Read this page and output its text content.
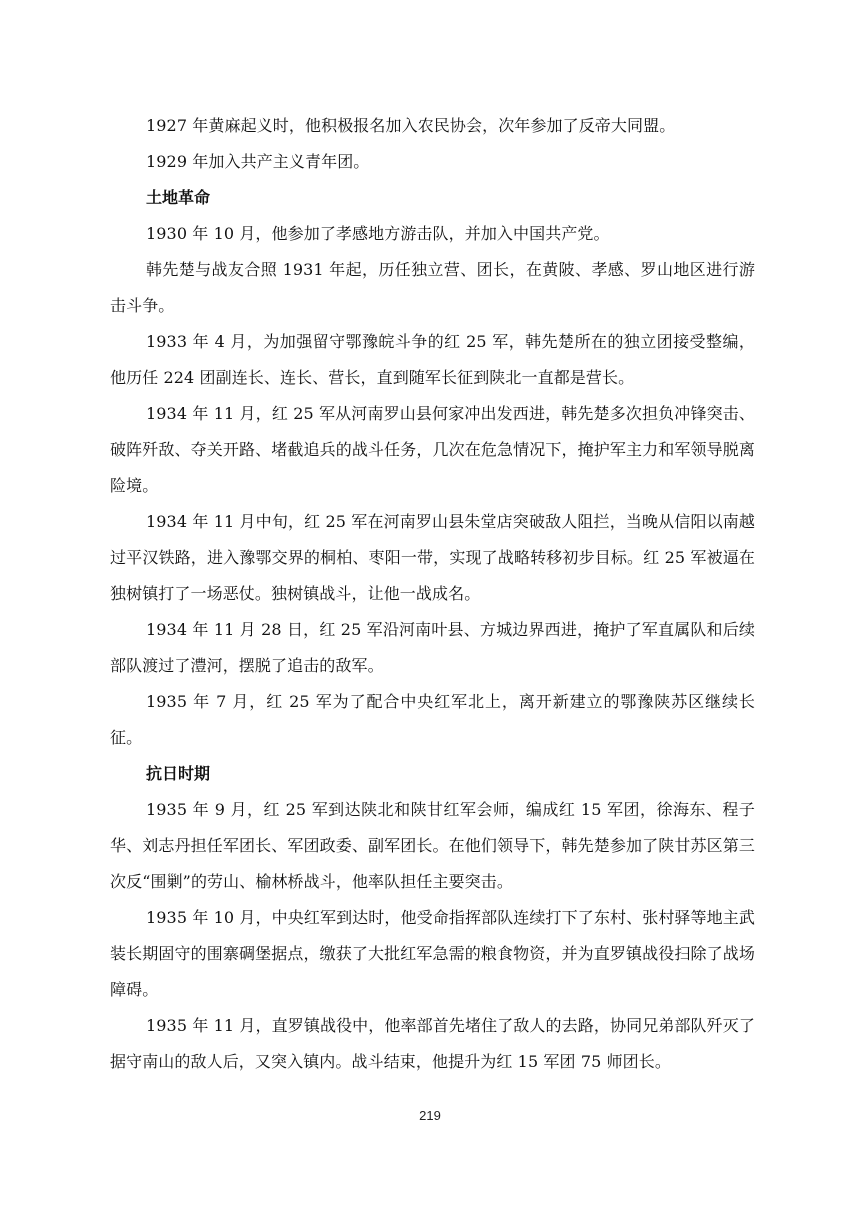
1927 年黄麻起义时，他积极报名加入农民协会，次年参加了反帝大同盟。

1929 年加入共产主义青年团。

土地革命

1930 年 10 月，他参加了孝感地方游击队，并加入中国共产党。

韩先楚与战友合照 1931 年起，历任独立营、团长，在黄陂、孝感、罗山地区进行游击斗争。

1933 年 4 月，为加强留守鄂豫皖斗争的红 25 军，韩先楚所在的独立团接受整编，他历任 224 团副连长、连长、营长，直到随军长征到陕北一直都是营长。

1934 年 11 月，红 25 军从河南罗山县何家冲出发西进，韩先楚多次担负冲锋突击、破阵歼敌、夺关开路、堵截追兵的战斗任务，几次在危急情况下，掩护军主力和军领导脱离险境。

1934 年 11 月中旬，红 25 军在河南罗山县朱堂店突破敌人阻拦，当晚从信阳以南越过平汉铁路，进入豫鄂交界的桐柏、枣阳一带，实现了战略转移初步目标。红 25 军被逼在独树镇打了一场恶仗。独树镇战斗，让他一战成名。

1934 年 11 月 28 日，红 25 军沿河南叶县、方城边界西进，掩护了军直属队和后续部队渡过了澧河，摆脱了追击的敌军。

1935 年 7 月，红 25 军为了配合中央红军北上，离开新建立的鄂豫陕苏区继续长征。

抗日时期

1935 年 9 月，红 25 军到达陕北和陕甘红军会师，编成红 15 军团，徐海东、程子华、刘志丹担任军团长、军团政委、副军团长。在他们领导下，韩先楚参加了陕甘苏区第三次反“围剿”的劳山、榆林桥战斗，他率队担任主要突击。

1935 年 10 月，中央红军到达时，他受命指挥部队连续打下了东村、张村驿等地主武装长期固守的围寨碉堡据点，缴获了大批红军急需的粮食物资，并为直罗镇战役扫除了战场障碍。

1935 年 11 月，直罗镇战役中，他率部首先堵住了敌人的去路，协同兄弟部队歼灭了据守南山的敌人后，又突入镇内。战斗结束，他提升为红 15 军团 75 师团长。

219
